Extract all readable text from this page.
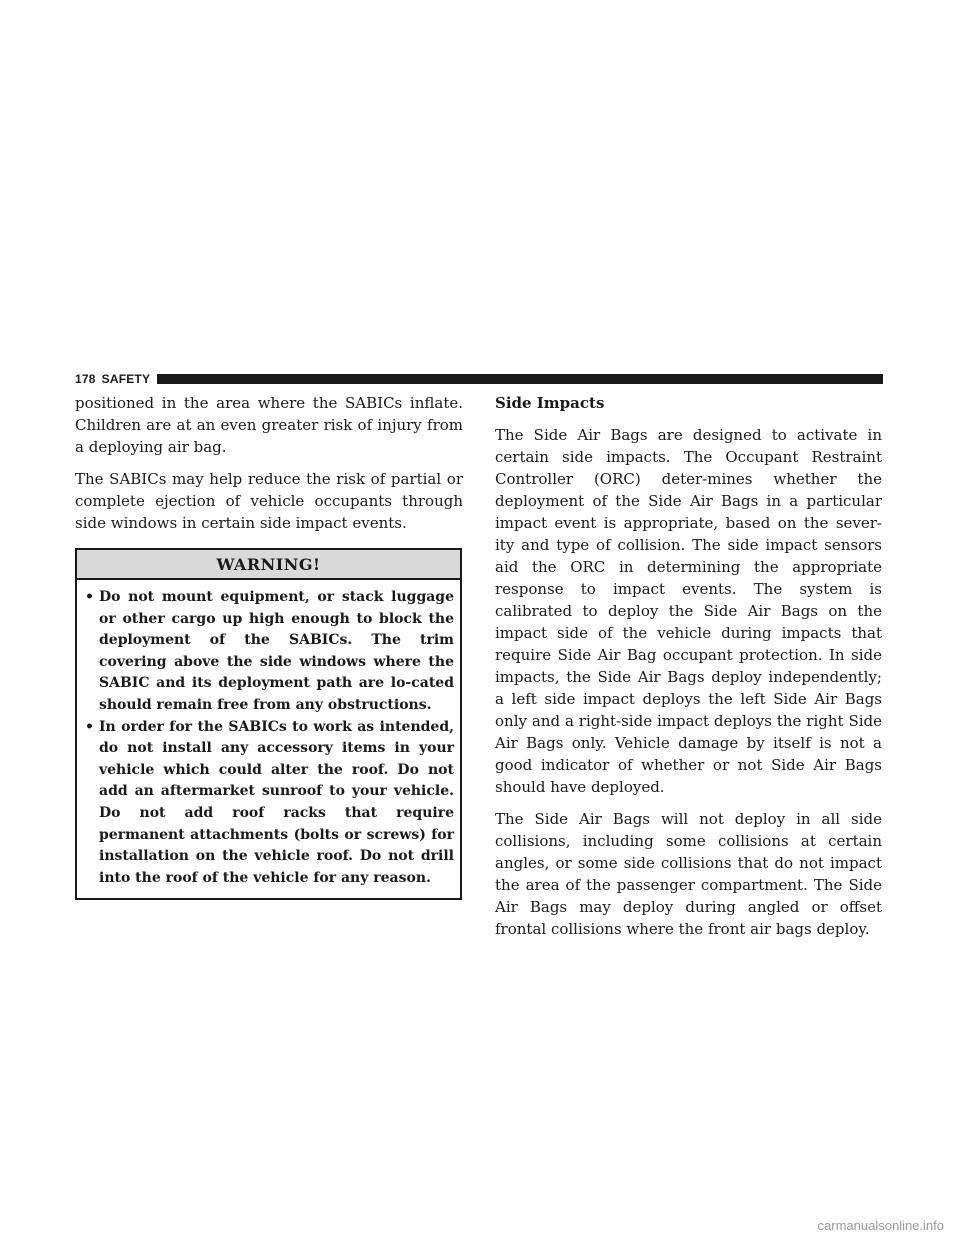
178 SAFETY

positioned in the area where the SABICs inflate. Children are at an even greater risk of injury from a deploying air bag.

The SABICs may help reduce the risk of partial or complete ejection of vehicle occupants through side windows in certain side impact events.

WARNING!
• Do not mount equipment, or stack luggage or other cargo up high enough to block the deployment of the SABICs. The trim covering above the side windows where the SABIC and its deployment path are lo-cated should remain free from any obstructions.
• In order for the SABICs to work as intended, do not install any accessory items in your vehicle which could alter the roof. Do not add an aftermarket sunroof to your vehicle. Do not add roof racks that require permanent attachments (bolts or screws) for installation on the vehicle roof. Do not drill into the roof of the vehicle for any reason.
Side Impacts

The Side Air Bags are designed to activate in certain side impacts. The Occupant Restraint Controller (ORC) deter-mines whether the deployment of the Side Air Bags in a particular impact event is appropriate, based on the sever-ity and type of collision. The side impact sensors aid the ORC in determining the appropriate response to impact events. The system is calibrated to deploy the Side Air Bags on the impact side of the vehicle during impacts that require Side Air Bag occupant protection. In side impacts, the Side Air Bags deploy independently; a left side impact deploys the left Side Air Bags only and a right-side impact deploys the right Side Air Bags only. Vehicle damage by itself is not a good indicator of whether or not Side Air Bags should have deployed.

The Side Air Bags will not deploy in all side collisions, including some collisions at certain angles, or some side collisions that do not impact the area of the passenger compartment. The Side Air Bags may deploy during angled or offset frontal collisions where the front air bags deploy.

carmanualsonline.info
